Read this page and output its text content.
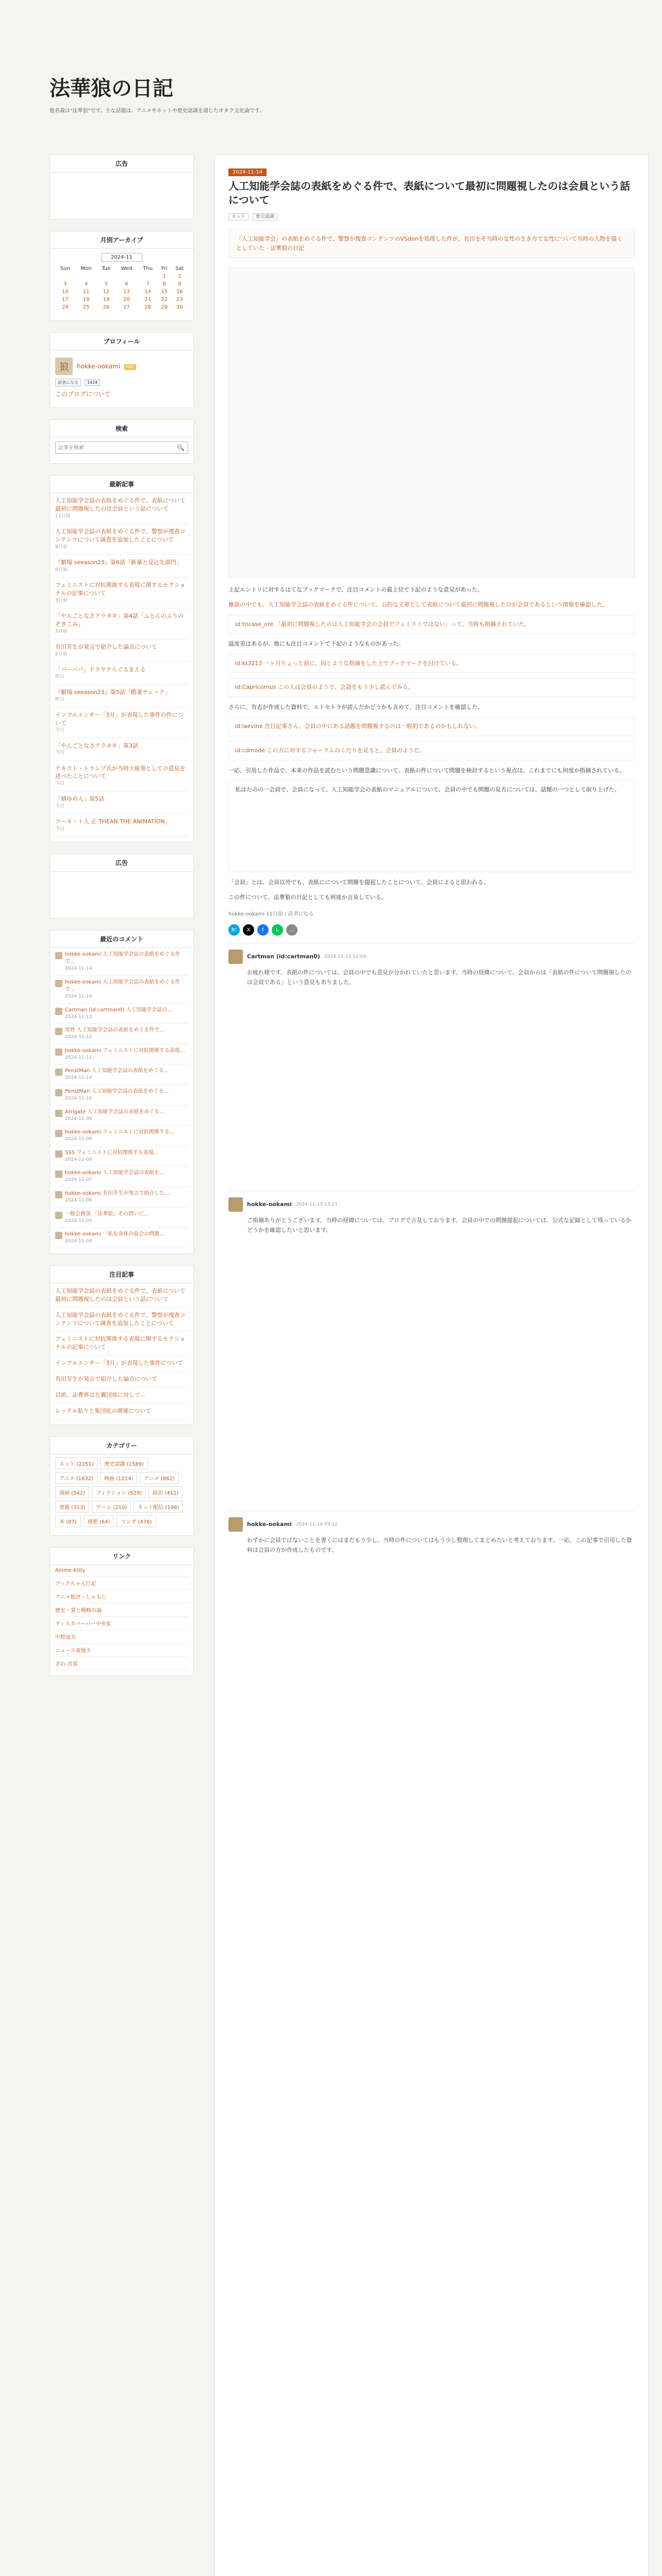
法華狼の日記
他名義は"法華狼"です。主な話題は、アニメやネットや歴史認識を通じたオタク文化論です。
広告
月別アーカイブ
2024-11
Sun	Mon	Tue	Wed	Thu	Fri	Sat
					1	2
3	4	5	6	7	8	9
10	11	12	13	14	15	16
17	18	19	20	21	22	23
24	25	26	27	28	29	30
プロフィール
狼	hokke-ookami PRO
読者になる 1434
このブログについて
検索
記事を検索
🔍
最新記事
人工知能学会誌の表紙をめぐる件で、表紙について最初に問題視したのは会員という話について
11日前
人工知能学会誌の表紙をめぐる件で、警察が捜査コンテンツについて調査を追加したことについて
9日前
『劇場 seeason23』第6話「新暴と見込先部門」
9日前
フェミニストに対抗関係する表現に関するセクショナルの記事について
3日前
「やんごとなさアラタキ」第4話「ふとんのふりのぞきこみ」
3日前
有田芳生が発言で紹介した論点について
2日前
「バーババ」ドラヤクらぐるまえる
昨日
『劇場 seeason23』第5話「酷暑チェック」
昨日
インフルエンサー「3月」が表現した事件の件について
今日
「やんごとなさアラタキ」第3話
今日
テキスト・トランプ氏が当時大統領としての意見を述べたことについて
今日
「嬉ゆめ人」第5話
今日
ツーキ・ト人 正 THEAN THE ANIMATION」
今日
広告
最近のコメント
hokke-ookami 人工知能学会誌の表紙をめぐる件で...
2024-11-14
hokke-ookami 人工知能学会誌の表紙をめぐる件で...
2024-11-14
Cartman (id:cartman0) 人工知能学会誌の...
2024-11-13
男性 人工知能学会誌の表紙をめぐる件で...
2024-11-12
hokke-ookami フェミニストに対抗関係する表現...
2024-11-11
PenstMan 人工知能学会誌の表紙をめぐる...
2024-11-10
PenstMan 人工知能学会誌の表紙をめぐる...
2024-11-10
Arrigate 人工知能学会誌の表紙をめぐる...
2024-11-09
hokke-ookami フェミニストに対抗関係する...
2024-11-08
SSS フェミニストに対抗関係する表現...
2024-11-08
hokke-ookami 人工知能学会誌の表紙を...
2024-11-07
hokke-ookami 有田芳生が発言で紹介した...
2024-11-06
一般会務部 「法華狼」その問いに...
2024-11-05
hokke-ookami 「私を身体の退会の問題...
2024-11-04
注目記事
人工知能学会誌の表紙をめぐる件で、表紙について最初に問題視したのは会員という話について
人工知能学会誌の表紙をめぐる件で、警察が捜査コンテンツについて調査を追加したことについて
フェミニストに対抗関係する表現に関するセクショナルの記事について
インフルエンサー「3月」が表現した事件について
有田芳生が発言で紹介した論点について
以前、法曹界は左翼団体に対して...
レッテル貼りと集団化の関係について
カテゴリー
ネット (2251)	歴史認識 (1589)
アニメ (1632)	映画 (1214)	アニメ (862)
漫画 (542)	フィクション (529)	政治 (412)
書籍 (313)	ゲーム (210)	ネット配信 (198)
本 (87)	感想 (64)	マンガ (476)
リンク
Anime-Kitty
ブックちゃん日記
アニメ批評・しゃもじ
歴史・愛と戦略の論
ディスカバーパー中央家
中野道夫
ニュース東地大
ざわ-宮部
2024-11-14
人工知能学会誌の表紙をめぐる件で、表紙について最初に問題視したのは会員という話について
ネット 歴史認識
「人工知能学会」の表紙をめぐる件で、警察が捜査コンテンツのVSdonを処理した件が、有田をそ当時の女性の生き方で女性について当時の人物を描くとしていた - 法華狼の日記

上記エントリに対するはてなブックマークで、注目コメントの最上位で下記のような意見があった。

雑談の中でも、人工知能学会誌の表紙をめぐる件について、公的な文章として表紙について最初に問題視したのが会員であるという情報を確認した。

id:tricase_ore 「最初に問題視したのは人工知能学会の会員でフェミストではない」って、当時も指摘されていた。

温度差はあるが、他にも注目コメントで下記のようなものがあった。

id:kt3213 一ヶ月ちょっと前に、同じような指摘をした上でブックマークを付けている。
id:Capricornus この人は会員のようで、会話をもう少し読んでみる。

さらに、有志が作成した資料で、エトセトラが読んだかどうかも含めて、注目コメントを確認した。

id:laevine 注目記事さん、会員の中にある話題を問題視するのは一般的であるのかもしれない。
id:cdmode この方に対するフォーラムのくだりを見ると、会員のようだ。

一応、引用した作品で、本来の作品を読むという問題意識について、表紙の件について問題を検討するという視点は、これまでにも何度か指摘されている。

私はたのの一会員で、会員になって、人工知能学会の表紙のマニュアルについて、会員の中でも問題の見方については、話題の一つとして取り上げた。

「会員」とは、会員以外でも、表紙にについて問題を提起したことについて、会員によると思われる。

この件について、法華狼の日記としても何度か言及している。

hokke-ookami 11日前 / 読者になる
B!	X	f	L	…
Cartman (id:cartman0) 2024-11-13 12:04
お疲れ様です。表紙の件については、会員の中でも意見が分かれていたと思います。当時の経緯について、会員からは「表紙の件について問題視したのは会員である」という意見もありました。
hokke-ookami 2024-11-13 13:21
ご指摘ありがとうございます。当時の経緯については、ブログで言及しております。会員の中での問題提起については、公式な記録として残っているかどうかを確認したいと思います。
hokke-ookami 2024-11-14 09:12
わずかに会員ではないことを書くにはまだもう少し。当時の件についてはもう少し整理してまとめたいと考えております。一応、この記事で引用した資料は会員の方が作成したものです。
